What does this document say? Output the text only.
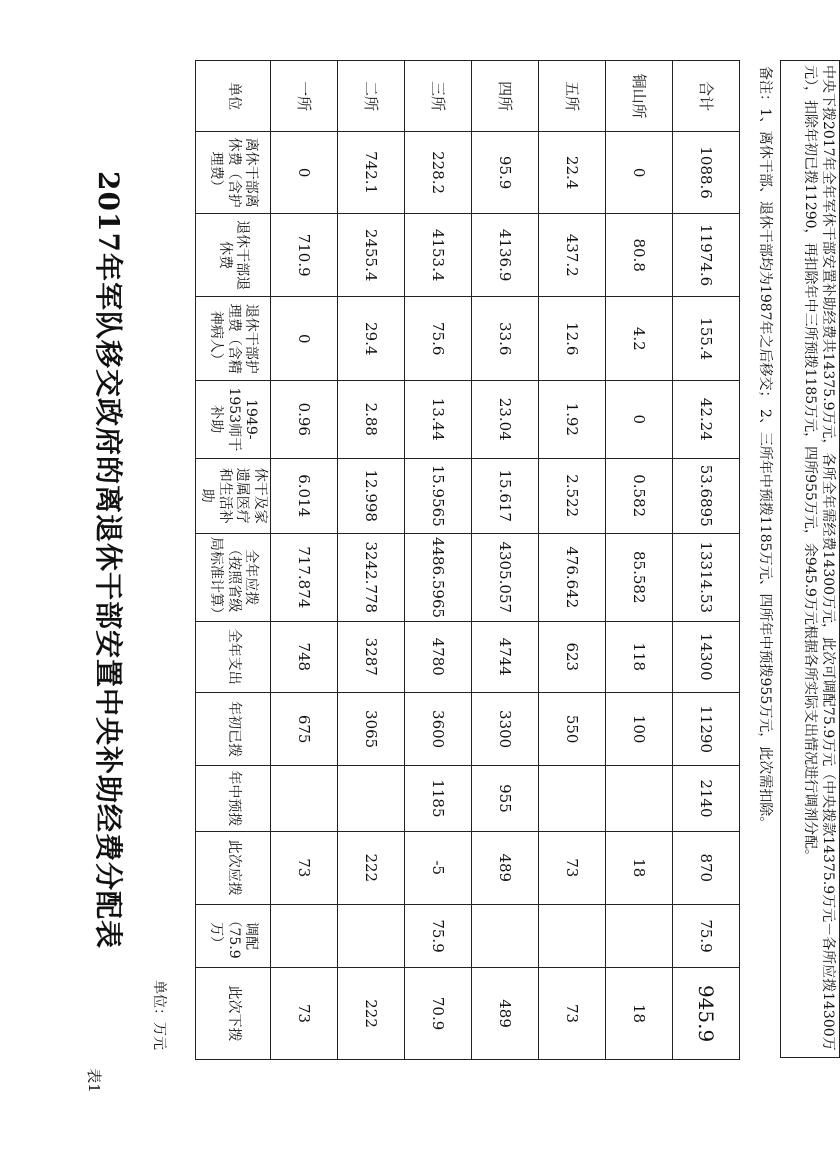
表1
2017年军队移交政府的离退休干部安置中央补助经费分配表
单位：万元	中央下拨2017年全年军休干部安置补助经费共14375.9万元，各所全年需经费14300万元，此次可调配75.9万元（中央拨款14375.9万元－各所应拨14300万元），扣除年初已拨11290，再扣除年中三所预拨1185万元，四所955万元，余945.9万元根据各所实际支出情况进行调剂分配。
备注：1、离休干部、退休干部均为1987年之后移交； 2、三所年中预拨1185万元、四所年中预拨955万元，此次需扣除。
合计	1088.6	11974.6	155.4	42.24	53.6895	13314.53	14300	11290	2140	870	75.9	945.9
铜山所	0	80.8	4.2	0	0.582	85.582	118	100		18		18
五所	22.4	437.2	12.6	1.92	2.522	476.642	623	550		73		73
四所	95.9	4136.9	33.6	23.04	15.617	4305.057	4744	3300	955	489		489
三所	228.2	4153.4	75.6	13.44	15.9565	4486.5965	4780	3600	1185	-5	75.9	70.9
二所	742.1	2455.4	29.4	2.88	12.998	3242.778	3287	3065		222		222
一所	0	710.9	0	0.96	6.014	717.874	748	675		73		73
单位	离休干部离休费（含护理费）	退休干部退休费	退休干部护理费（含精神病人）	1949-1953师干补助	休干及家遗属医疗和生活补助	全年应拨（按照省级局标准计算）	全年支出	年初已拨	年中预拨	此次应拨	调配（75.9万）	此次下拨
